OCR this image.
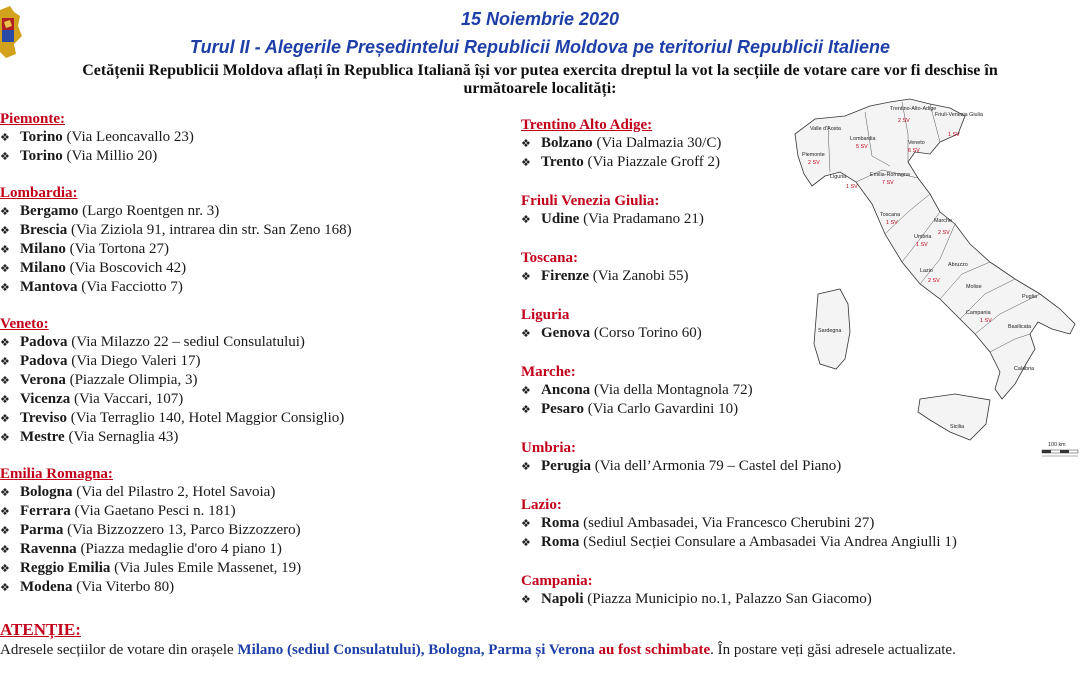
15 Noiembrie 2020
Turul II - Alegerile Președintelui Republicii Moldova pe teritoriul Republicii Italiene
Cetățenii Republicii Moldova aflați în Republica Italiană își vor putea exercita dreptul la vot la secțiile de votare care vor fi deschise în următoarele localități:
Piemonte:
❖ Torino (Via Leoncavallo 23)
❖ Torino (Via Millio 20)
Lombardia:
❖ Bergamo (Largo Roentgen nr. 3)
❖ Brescia (Via Ziziola 91, intrarea din str. San Zeno 168)
❖ Milano (Via Tortona 27)
❖ Milano (Via Boscovich 42)
❖ Mantova (Via Facciotto 7)
Veneto:
❖ Padova (Via Milazzo 22 – sediul Consulatului)
❖ Padova (Via Diego Valeri 17)
❖ Verona (Piazzale Olimpia, 3)
❖ Vicenza (Via Vaccari, 107)
❖ Treviso (Via Terraglio 140, Hotel Maggior Consiglio)
❖ Mestre (Via Sernaglia 43)
Emilia Romagna:
❖ Bologna (Via del Pilastro 2, Hotel Savoia)
❖ Ferrara (Via Gaetano Pesci n. 181)
❖ Parma (Via Bizzozzero 13, Parco Bizzozzero)
❖ Ravenna (Piazza medaglie d'oro 4 piano 1)
❖ Reggio Emilia (Via Jules Emile Massenet, 19)
❖ Modena (Via Viterbo 80)
Trentino Alto Adige:
❖ Bolzano (Via Dalmazia 30/C)
❖ Trento (Via Piazzale Groff 2)
Friuli Venezia Giulia:
❖ Udine (Via Pradamano 21)
Toscana:
❖ Firenze (Via Zanobi 55)
Liguria
❖ Genova (Corso Torino 60)
Marche:
❖ Ancona (Via della Montagnola 72)
❖ Pesaro (Via Carlo Gavardini 10)
Umbria:
❖ Perugia (Via dell’Armonia 79 – Castel del Piano)
Lazio:
❖ Roma (sediul Ambasadei, Via Francesco Cherubini 27)
❖ Roma (Sediul Secției Consulare a Ambasadei Via Andrea Angiulli 1)
Campania:
❖ Napoli (Piazza Municipio no.1, Palazzo San Giacomo)
Valle d'Aosta
Piemonte
2 SV
Lombardia
5 SV
Trentino-Alto-Adige
2 SV
Veneto
6 SV
Friuli-Venezia Giulia
1 SV
Liguria
1 SV
Emilia-Romagna
7 SV
Toscana
1 SV	Marche
2 SV
Umbria
1 SV
Abruzzo
Lazio
2 SV
Molise
Puglia
Campania
1 SV
Basilicata
Sardegna
Calabria
Sicilia
100 km
ATENȚIE:
Adresele secțiilor de votare din orașele Milano (sediul Consulatului), Bologna, Parma și Verona au fost schimbate. În postare veți găsi adresele actualizate.
